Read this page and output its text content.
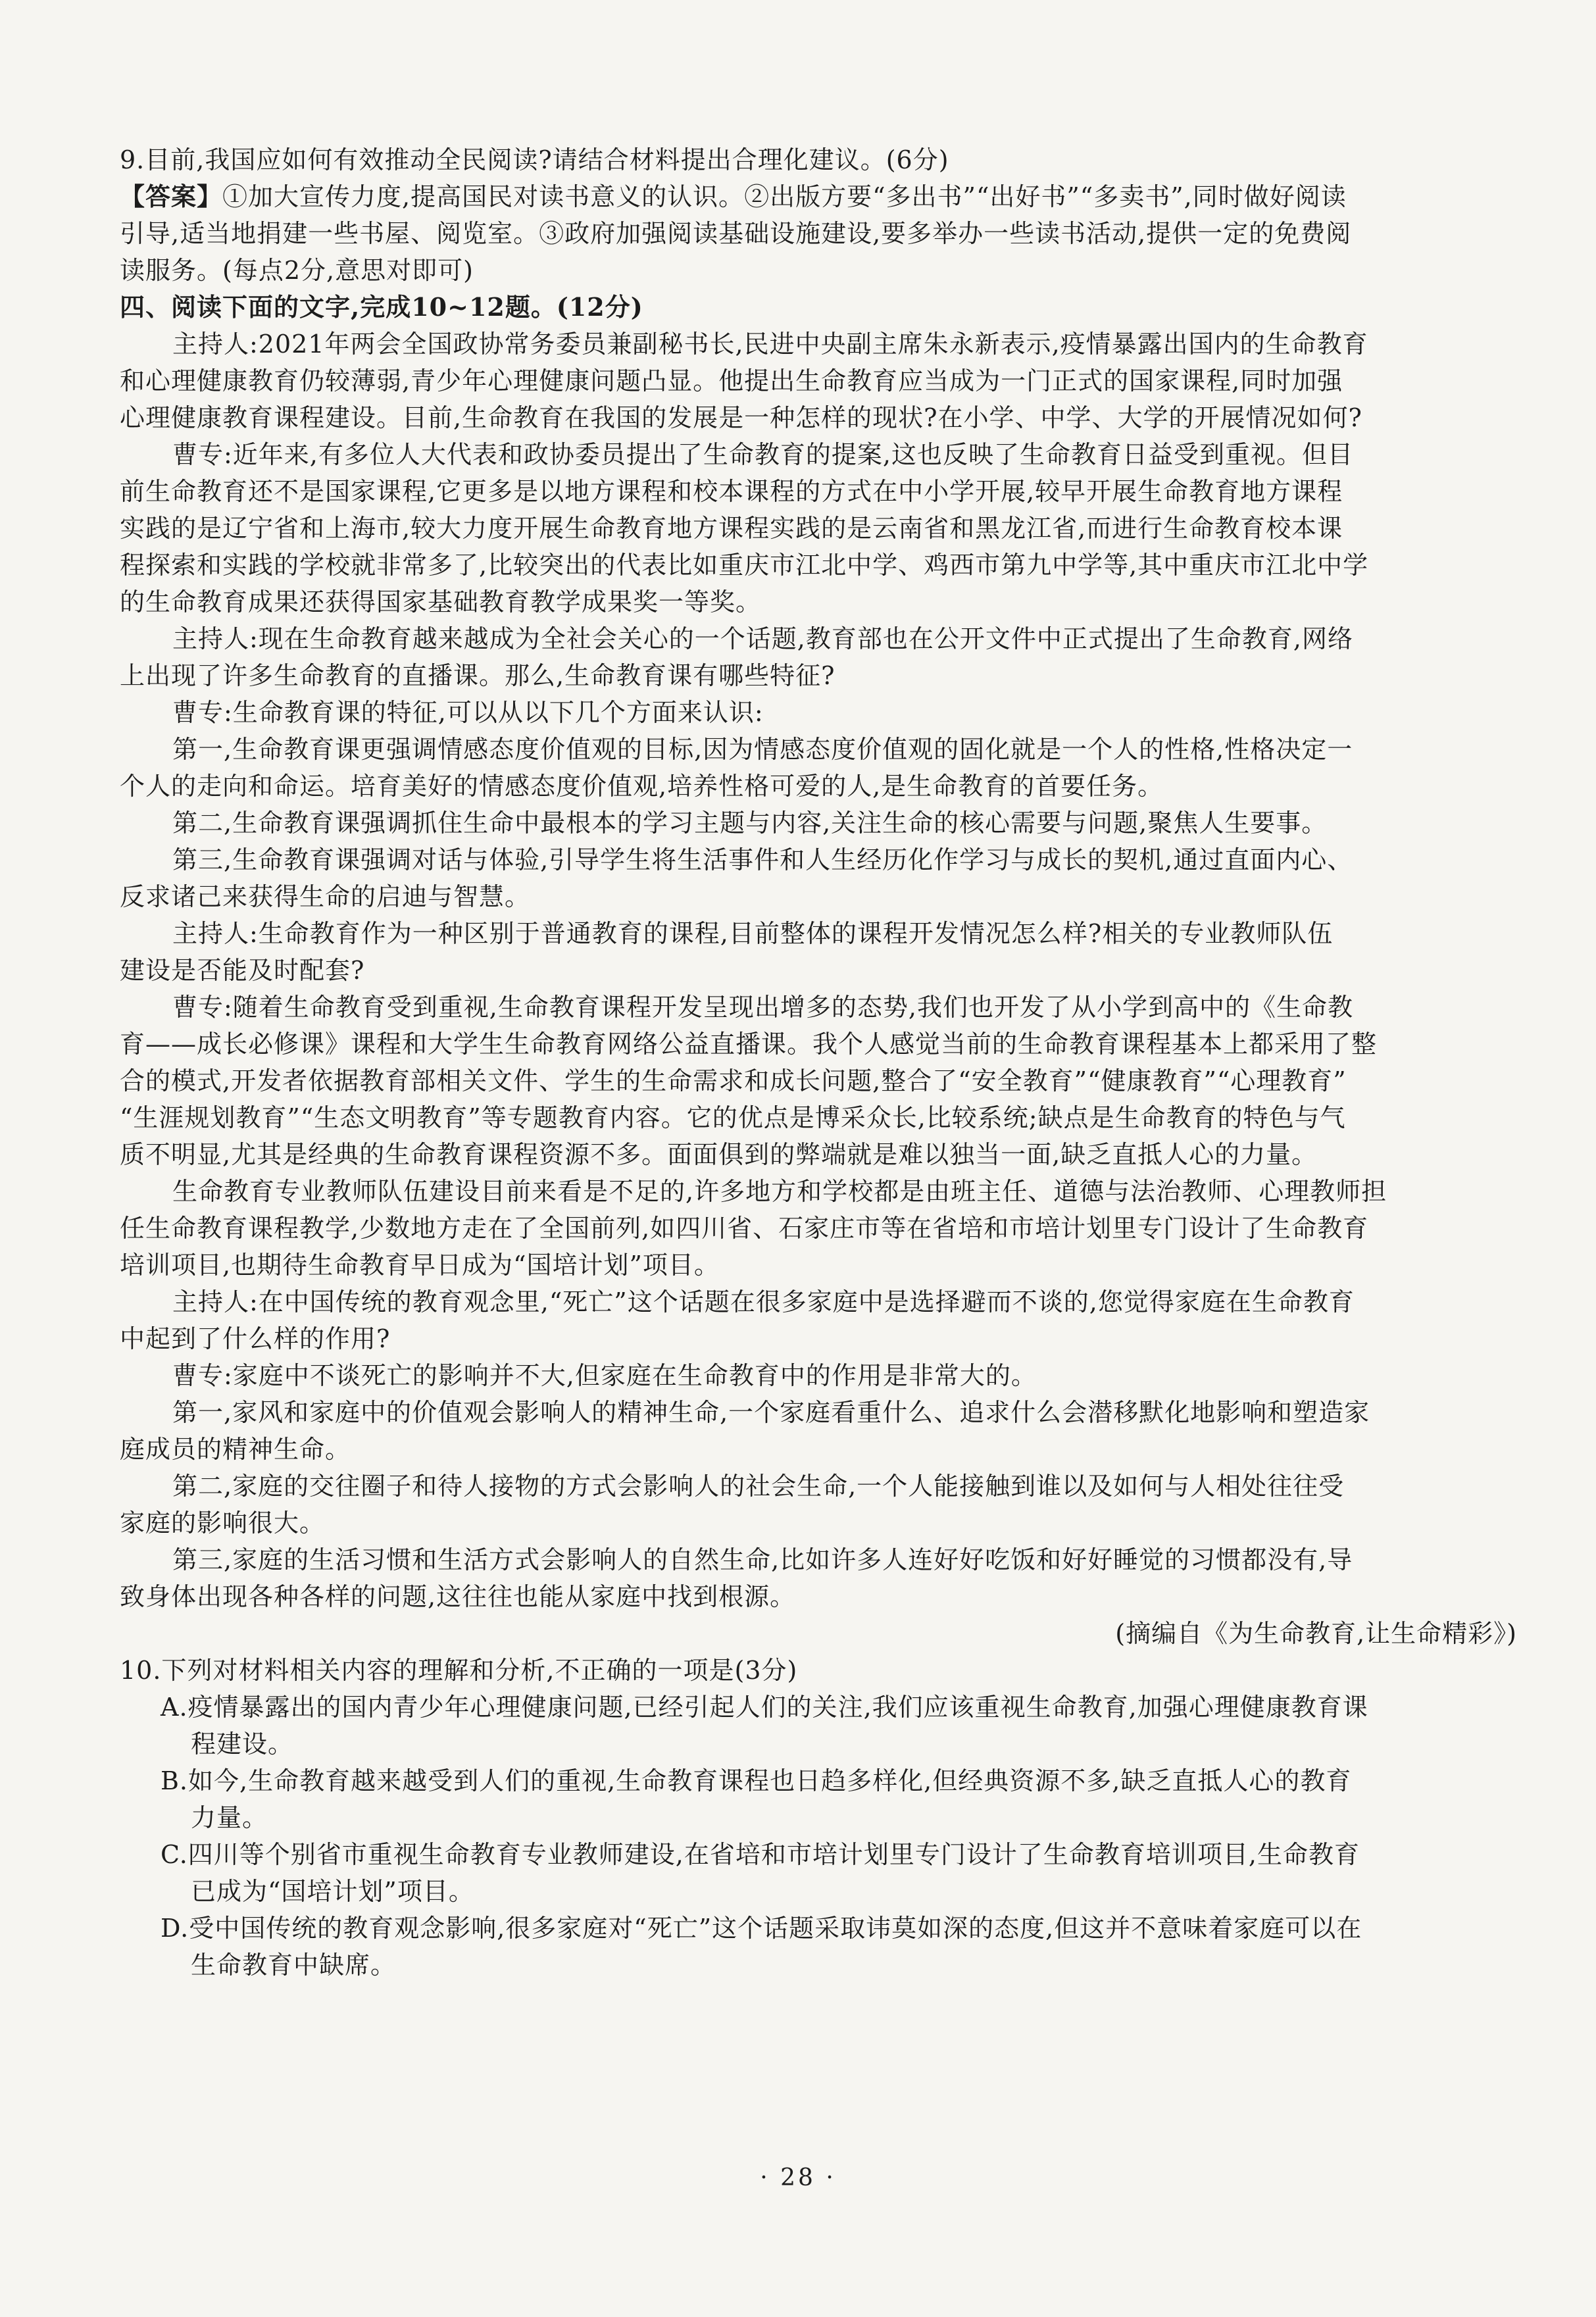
9.目前,我国应如何有效推动全民阅读?请结合材料提出合理化建议。(6分)

【答案】①加大宣传力度,提高国民对读书意义的认识。②出版方要“多出书”“出好书”“多卖书”,同时做好阅读

引导,适当地捐建一些书屋、阅览室。③政府加强阅读基础设施建设,要多举办一些读书活动,提供一定的免费阅

读服务。(每点2分,意思对即可)

四、阅读下面的文字,完成10~12题。(12分)

主持人:2021年两会全国政协常务委员兼副秘书长,民进中央副主席朱永新表示,疫情暴露出国内的生命教育

和心理健康教育仍较薄弱,青少年心理健康问题凸显。他提出生命教育应当成为一门正式的国家课程,同时加强

心理健康教育课程建设。目前,生命教育在我国的发展是一种怎样的现状?在小学、中学、大学的开展情况如何?

曹专:近年来,有多位人大代表和政协委员提出了生命教育的提案,这也反映了生命教育日益受到重视。但目

前生命教育还不是国家课程,它更多是以地方课程和校本课程的方式在中小学开展,较早开展生命教育地方课程

实践的是辽宁省和上海市,较大力度开展生命教育地方课程实践的是云南省和黑龙江省,而进行生命教育校本课

程探索和实践的学校就非常多了,比较突出的代表比如重庆市江北中学、鸡西市第九中学等,其中重庆市江北中学

的生命教育成果还获得国家基础教育教学成果奖一等奖。

主持人:现在生命教育越来越成为全社会关心的一个话题,教育部也在公开文件中正式提出了生命教育,网络

上出现了许多生命教育的直播课。那么,生命教育课有哪些特征?

曹专:生命教育课的特征,可以从以下几个方面来认识:

第一,生命教育课更强调情感态度价值观的目标,因为情感态度价值观的固化就是一个人的性格,性格决定一

个人的走向和命运。培育美好的情感态度价值观,培养性格可爱的人,是生命教育的首要任务。

第二,生命教育课强调抓住生命中最根本的学习主题与内容,关注生命的核心需要与问题,聚焦人生要事。

第三,生命教育课强调对话与体验,引导学生将生活事件和人生经历化作学习与成长的契机,通过直面内心、

反求诸己来获得生命的启迪与智慧。

主持人:生命教育作为一种区别于普通教育的课程,目前整体的课程开发情况怎么样?相关的专业教师队伍

建设是否能及时配套?

曹专:随着生命教育受到重视,生命教育课程开发呈现出增多的态势,我们也开发了从小学到高中的《生命教

育——成长必修课》课程和大学生生命教育网络公益直播课。我个人感觉当前的生命教育课程基本上都采用了整

合的模式,开发者依据教育部相关文件、学生的生命需求和成长问题,整合了“安全教育”“健康教育”“心理教育”

“生涯规划教育”“生态文明教育”等专题教育内容。它的优点是博采众长,比较系统;缺点是生命教育的特色与气

质不明显,尤其是经典的生命教育课程资源不多。面面俱到的弊端就是难以独当一面,缺乏直抵人心的力量。

生命教育专业教师队伍建设目前来看是不足的,许多地方和学校都是由班主任、道德与法治教师、心理教师担

任生命教育课程教学,少数地方走在了全国前列,如四川省、石家庄市等在省培和市培计划里专门设计了生命教育

培训项目,也期待生命教育早日成为“国培计划”项目。

主持人:在中国传统的教育观念里,“死亡”这个话题在很多家庭中是选择避而不谈的,您觉得家庭在生命教育

中起到了什么样的作用?

曹专:家庭中不谈死亡的影响并不大,但家庭在生命教育中的作用是非常大的。

第一,家风和家庭中的价值观会影响人的精神生命,一个家庭看重什么、追求什么会潜移默化地影响和塑造家

庭成员的精神生命。

第二,家庭的交往圈子和待人接物的方式会影响人的社会生命,一个人能接触到谁以及如何与人相处往往受

家庭的影响很大。

第三,家庭的生活习惯和生活方式会影响人的自然生命,比如许多人连好好吃饭和好好睡觉的习惯都没有,导

致身体出现各种各样的问题,这往往也能从家庭中找到根源。

(摘编自《为生命教育,让生命精彩》)

10.下列对材料相关内容的理解和分析,不正确的一项是(3分)

A.疫情暴露出的国内青少年心理健康问题,已经引起人们的关注,我们应该重视生命教育,加强心理健康教育课

程建设。

B.如今,生命教育越来越受到人们的重视,生命教育课程也日趋多样化,但经典资源不多,缺乏直抵人心的教育

力量。

C.四川等个别省市重视生命教育专业教师建设,在省培和市培计划里专门设计了生命教育培训项目,生命教育

已成为“国培计划”项目。

D.受中国传统的教育观念影响,很多家庭对“死亡”这个话题采取讳莫如深的态度,但这并不意味着家庭可以在

生命教育中缺席。

· 28 ·
